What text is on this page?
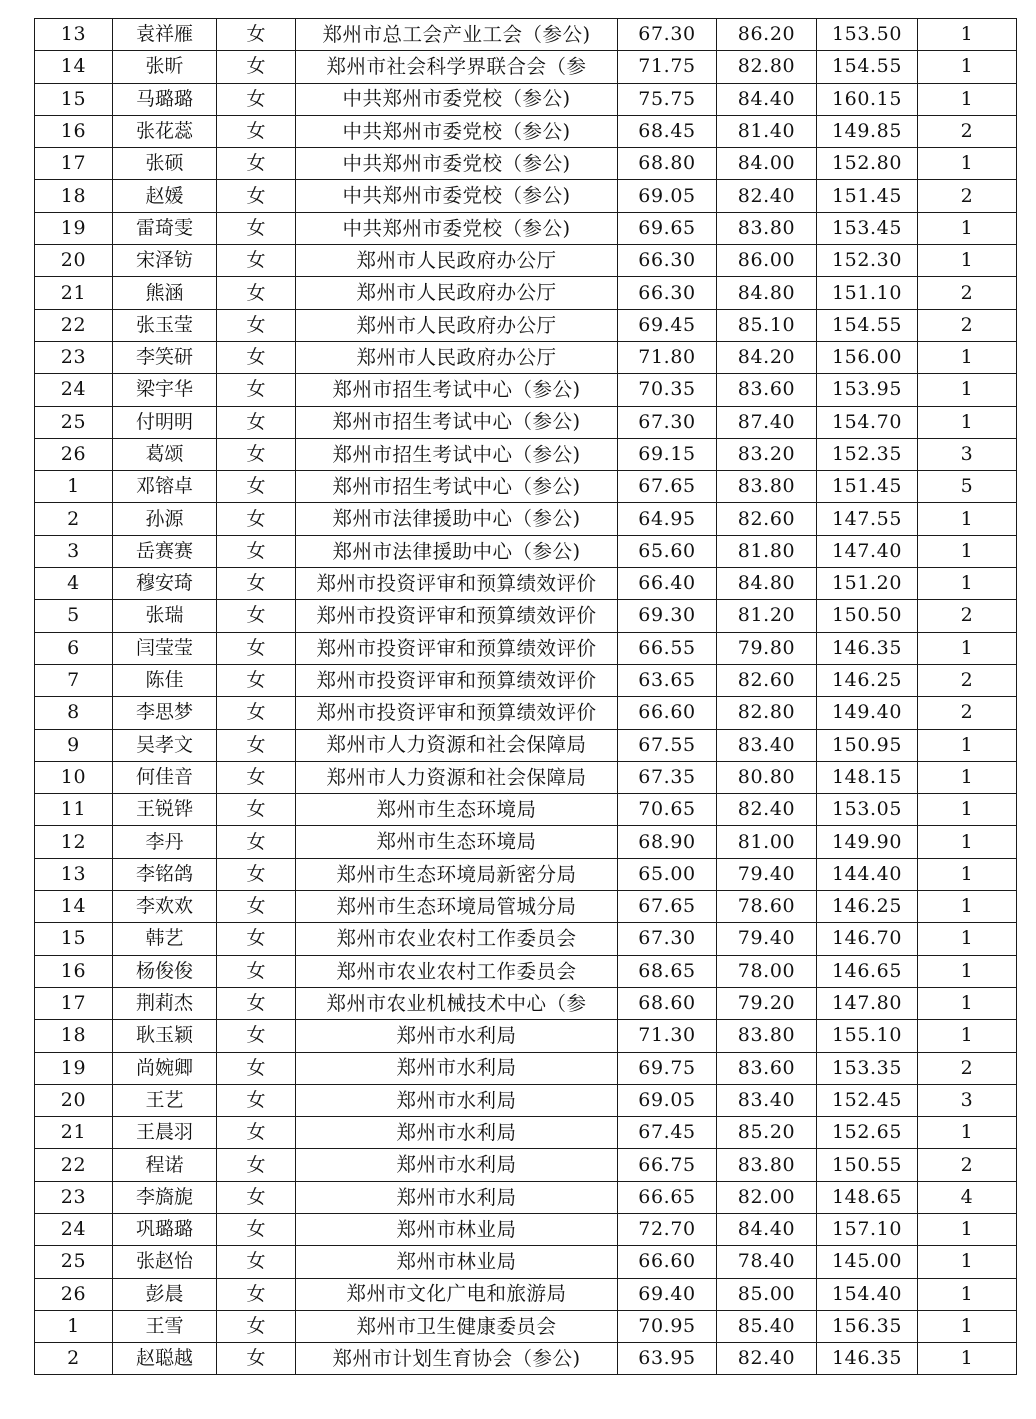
13	袁祥雁	女	郑州市总工会产业工会（参公)	67.30	86.20	153.50	1
14	张昕	女	郑州市社会科学界联合会（参	71.75	82.80	154.55	1
15	马璐璐	女	中共郑州市委党校（参公)	75.75	84.40	160.15	1
16	张花蕊	女	中共郑州市委党校（参公)	68.45	81.40	149.85	2
17	张硕	女	中共郑州市委党校（参公)	68.80	84.00	152.80	1
18	赵媛	女	中共郑州市委党校（参公)	69.05	82.40	151.45	2
19	雷琦雯	女	中共郑州市委党校（参公)	69.65	83.80	153.45	1
20	宋泽钫	女	郑州市人民政府办公厅	66.30	86.00	152.30	1
21	熊涵	女	郑州市人民政府办公厅	66.30	84.80	151.10	2
22	张玉莹	女	郑州市人民政府办公厅	69.45	85.10	154.55	2
23	李笑研	女	郑州市人民政府办公厅	71.80	84.20	156.00	1
24	梁宇华	女	郑州市招生考试中心（参公)	70.35	83.60	153.95	1
25	付明明	女	郑州市招生考试中心（参公)	67.30	87.40	154.70	1
26	葛颂	女	郑州市招生考试中心（参公)	69.15	83.20	152.35	3
1	邓镕卓	女	郑州市招生考试中心（参公)	67.65	83.80	151.45	5
2	孙源	女	郑州市法律援助中心（参公)	64.95	82.60	147.55	1
3	岳赛赛	女	郑州市法律援助中心（参公)	65.60	81.80	147.40	1
4	穆安琦	女	郑州市投资评审和预算绩效评价	66.40	84.80	151.20	1
5	张瑞	女	郑州市投资评审和预算绩效评价	69.30	81.20	150.50	2
6	闫莹莹	女	郑州市投资评审和预算绩效评价	66.55	79.80	146.35	1
7	陈佳	女	郑州市投资评审和预算绩效评价	63.65	82.60	146.25	2
8	李思梦	女	郑州市投资评审和预算绩效评价	66.60	82.80	149.40	2
9	吴孝文	女	郑州市人力资源和社会保障局	67.55	83.40	150.95	1
10	何佳音	女	郑州市人力资源和社会保障局	67.35	80.80	148.15	1
11	王锐铧	女	郑州市生态环境局	70.65	82.40	153.05	1
12	李丹	女	郑州市生态环境局	68.90	81.00	149.90	1
13	李铭鸽	女	郑州市生态环境局新密分局	65.00	79.40	144.40	1
14	李欢欢	女	郑州市生态环境局管城分局	67.65	78.60	146.25	1
15	韩艺	女	郑州市农业农村工作委员会	67.30	79.40	146.70	1
16	杨俊俊	女	郑州市农业农村工作委员会	68.65	78.00	146.65	1
17	荆莉杰	女	郑州市农业机械技术中心（参	68.60	79.20	147.80	1
18	耿玉颖	女	郑州市水利局	71.30	83.80	155.10	1
19	尚婉卿	女	郑州市水利局	69.75	83.60	153.35	2
20	王艺	女	郑州市水利局	69.05	83.40	152.45	3
21	王晨羽	女	郑州市水利局	67.45	85.20	152.65	1
22	程诺	女	郑州市水利局	66.75	83.80	150.55	2
23	李旖旎	女	郑州市水利局	66.65	82.00	148.65	4
24	巩璐璐	女	郑州市林业局	72.70	84.40	157.10	1
25	张赵怡	女	郑州市林业局	66.60	78.40	145.00	1
26	彭晨	女	郑州市文化广电和旅游局	69.40	85.00	154.40	1
1	王雪	女	郑州市卫生健康委员会	70.95	85.40	156.35	1
2	赵聪越	女	郑州市计划生育协会（参公)	63.95	82.40	146.35	1
